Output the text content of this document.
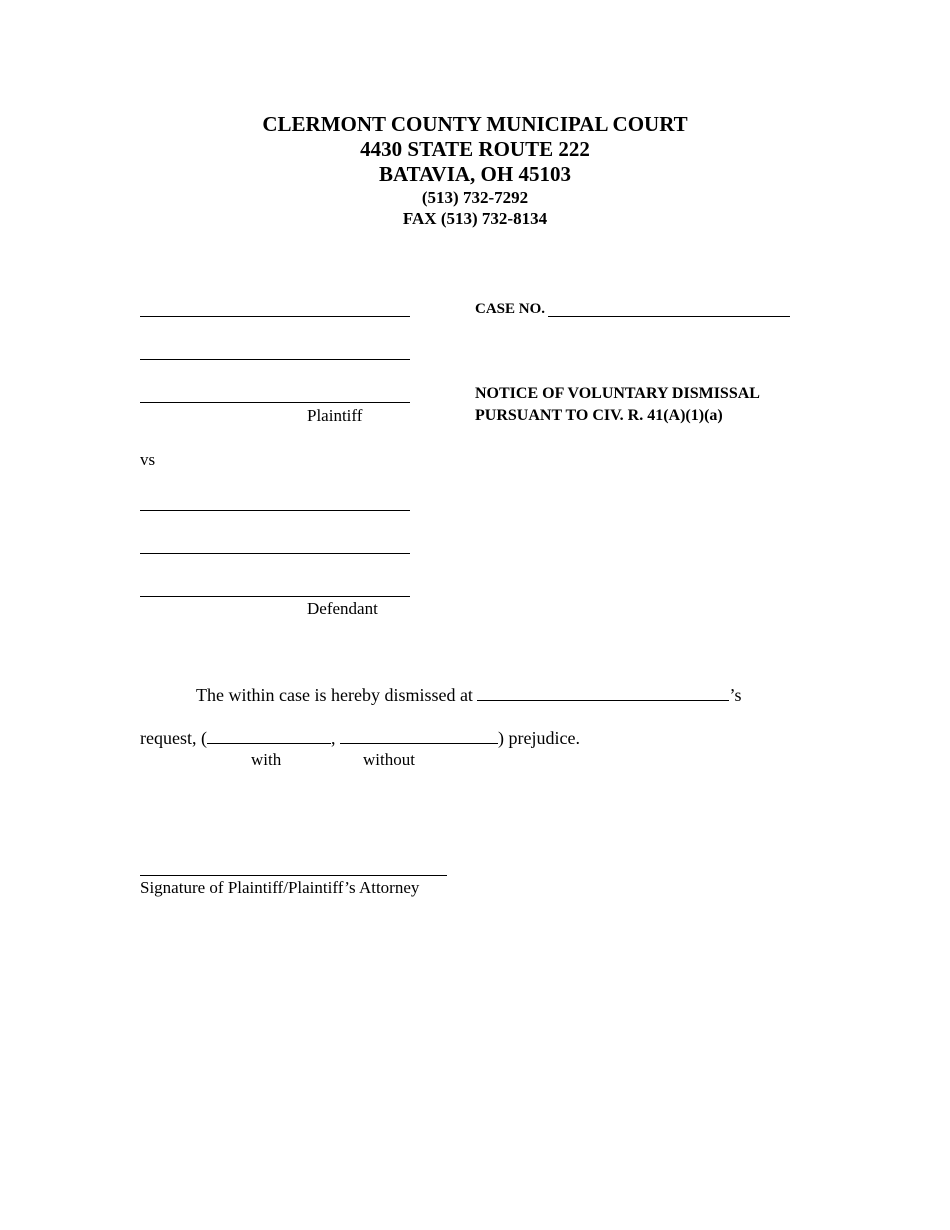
CLERMONT COUNTY MUNICIPAL COURT
4430 STATE ROUTE 222
BATAVIA, OH 45103
(513) 732-7292
FAX (513) 732-8134
Plaintiff
CASE NO.
NOTICE OF VOLUNTARY DISMISSAL
PURSUANT TO CIV. R. 41(A)(1)(a)
vs
Defendant
The within case is hereby dismissed at	’s
request, (	,	) prejudice.
with	without
Signature of Plaintiff/Plaintiff’s Attorney
